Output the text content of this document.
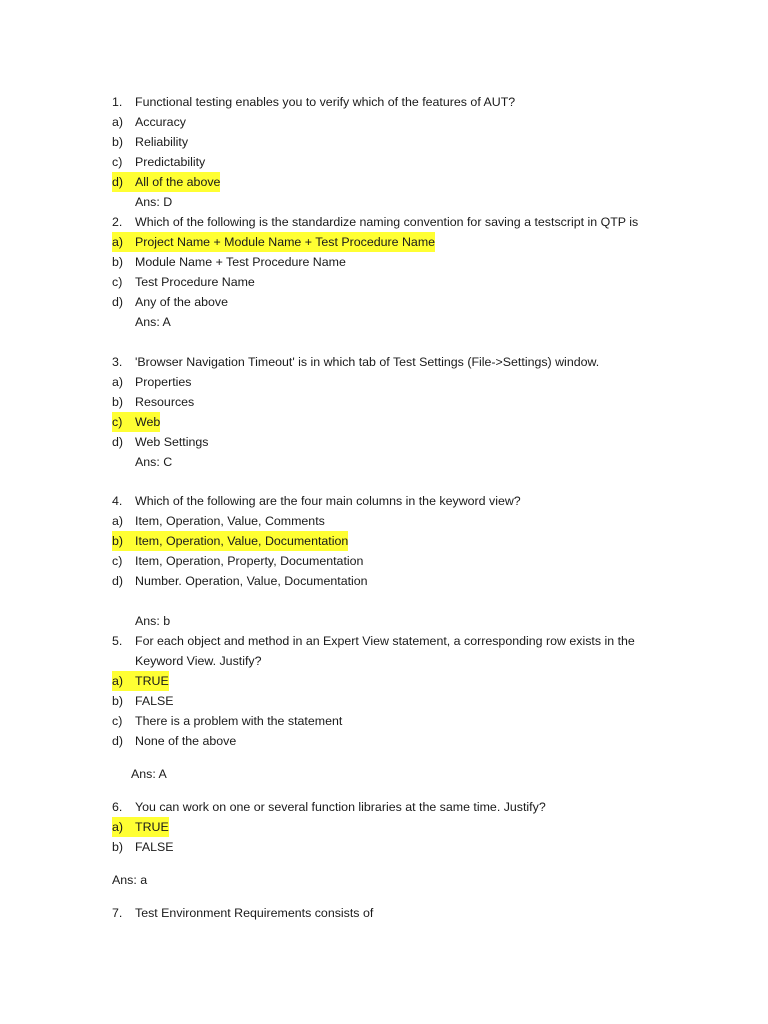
1. Functional testing enables you to verify which of the features of AUT?
a) Accuracy
b) Reliability
c) Predictability
d) All of the above
Ans: D
2. Which of the following is the standardize naming convention for saving a testscript in QTP is
a) Project Name + Module Name + Test Procedure Name
b) Module Name + Test Procedure Name
c) Test Procedure Name
d) Any of the above
Ans: A
3. 'Browser Navigation Timeout' is in which tab of Test Settings (File->Settings) window.
a) Properties
b) Resources
c) Web
d) Web Settings
Ans: C
4. Which of the following are the four main columns in the keyword view?
a) Item, Operation, Value, Comments
b) Item, Operation, Value, Documentation
c) Item, Operation, Property, Documentation
d) Number. Operation, Value, Documentation
Ans: b
5. For each object and method in an Expert View statement, a corresponding row exists in the
Keyword View. Justify?
a) TRUE
b) FALSE
c) There is a problem with the statement
d) None of the above
Ans: A
6. You can work on one or several function libraries at the same time. Justify?
a) TRUE
b) FALSE
Ans: a
7. Test Environment Requirements consists of
